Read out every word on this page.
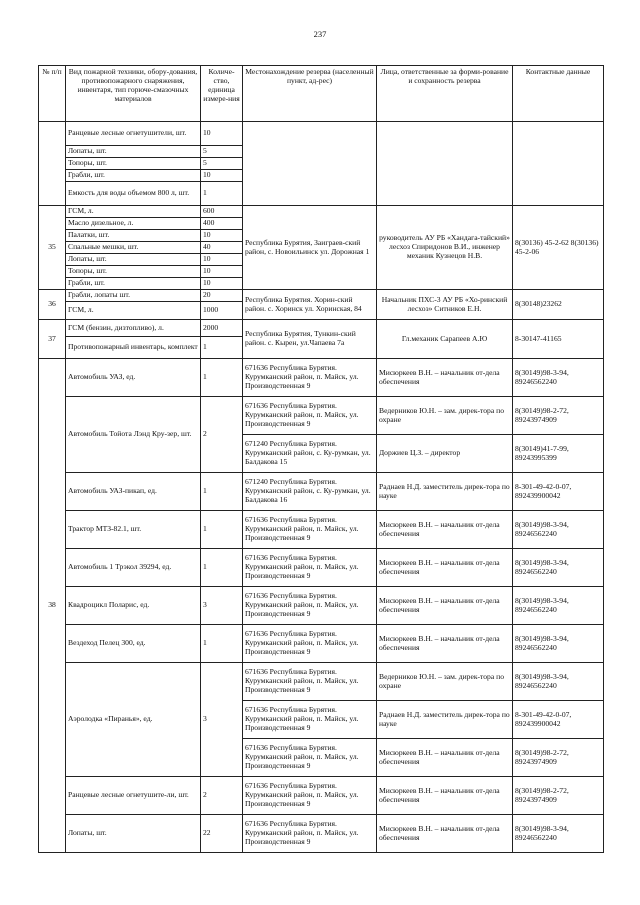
237
№ п/п	Вид пожарной техники, обору-дования, противопожарного снаряжения, инвентаря, тип горюче-смазочных материалов	Количе-ство, единица измере-ния	Местонахождение резерва (населенный пункт, ад-рес)	Лица, ответственные за форми-рование и сохранность резерва	Контактные данные
	Ранцевые лесные огнетушители, шт.	10			
	Лопаты, шт.	5			
	Топоры, шт.	5			
	Грабли, шт.	10			
	Емкость для воды объемом 800 л, шт.	1			
35	ГСМ, л.	600	Республика Бурятия, Заиграев-ский район, с. Новоильинск ул. Дорожная 1	руководитель АУ РБ «Хандага-тайский» лесхоз Спиридонов В.И., инженер механик Кузнецов Н.В.	8(30136) 45-2-62 8(30136) 45-2-06
	Масло дизельное, л.	400			
	Палатки, шт.	10			
	Спальные мешки, шт.	40			
	Лопаты, шт.	10			
	Топоры, шт.	10			
	Грабли, шт.	10			
36	Грабли, лопаты шт.	20	Республика Бурятия. Хорин-ский район. с. Хоринск ул. Хоринская, 84	Начальник ПХС-3 АУ РБ «Хо-ринский лесхоз» Ситников Е.Н.	8(30148)23262
	ГСМ, л.	1000			
37	ГСМ (бензин, дизтопливо), л.	2000	Республика Бурятия, Тункин-ский район. с. Кырен, ул.Чапаева 7а	Гл.механик Сарапеев А.Ю	8-30147-41165
	Противопожарный инвентарь, комплект	1			
38	Автомобиль УАЗ, ед.	1	671636 Республика Бурятия. Курумканский район, п. Майск, ул. Производственная 9	Мисюркеев В.Н. – начальник от-дела обеспечения	8(30149)98-3-94, 89246562240
	Автомобиль Тойота Лэнд Кру-зер, шт.	2	671636 Республика Бурятия. Курумканский район, п. Майск, ул. Производственная 9	Ведерников Ю.Н. – зам. дирек-тора по охране	8(30149)98-2-72, 89243974909
			671240 Республика Бурятия. Курумканский район, с. Ку-румкан, ул. Балдакова 15	Доржиев Ц.З. – директор	8(30149)41-7-99, 89243995399
	Автомобиль УАЗ-пикап, ед.	1	671240 Республика Бурятия. Курумканский район, с. Ку-румкан, ул. Балдакова 16	Раднаев Н.Д. заместитель дирек-тора по науке	8-301-49-42-0-07, 892439900042
	Трактор МТЗ-82.1, шт.	1	671636 Республика Бурятия. Курумканский район, п. Майск, ул. Производственная 9	Мисюркеев В.Н. – начальник от-дела обеспечения	8(30149)98-3-94, 89246562240
	Автомобиль 1 Трэкол 39294, ед.	1	671636 Республика Бурятия. Курумканский район, п. Майск, ул. Производственная 9	Мисюркеев В.Н. – начальник от-дела обеспечения	8(30149)98-3-94, 89246562240
	Квадроцикл Поларис, ед.	3	671636 Республика Бурятия. Курумканский район, п. Майск, ул. Производственная 9	Мисюркеев В.Н. – начальник от-дела обеспечения	8(30149)98-3-94, 89246562240
	Вездеход Пелец 300, ед.	1	671636 Республика Бурятия. Курумканский район, п. Майск, ул. Производственная 9	Мисюркеев В.Н. – начальник от-дела обеспечения	8(30149)98-3-94, 89246562240
	Аэролодка «Пиранья», ед.	3	671636 Республика Бурятия. Курумканский район, п. Майск, ул. Производственная 9	Ведерников Ю.Н. – зам. дирек-тора по охране	8(30149)98-3-94, 89246562240
			671636 Республика Бурятия. Курумканский район, п. Майск, ул. Производственная 9	Раднаев Н.Д. заместитель дирек-тора по науке	8-301-49-42-0-07, 892439900042
			671636 Республика Бурятия. Курумканский район, п. Майск, ул. Производственная 9	Мисюркеев В.Н. – начальник от-дела обеспечения	8(30149)98-2-72, 89243974909
	Ранцевые лесные огнетушите-ли, шт.	2	671636 Республика Бурятия. Курумканский район, п. Майск, ул. Производственная 9	Мисюркеев В.Н. – начальник от-дела обеспечения	8(30149)98-2-72, 89243974909
	Лопаты, шт.	22	671636 Республика Бурятия. Курумканский район, п. Майск, ул. Производственная 9	Мисюркеев В.Н. – начальник от-дела обеспечения	8(30149)98-3-94, 89246562240
